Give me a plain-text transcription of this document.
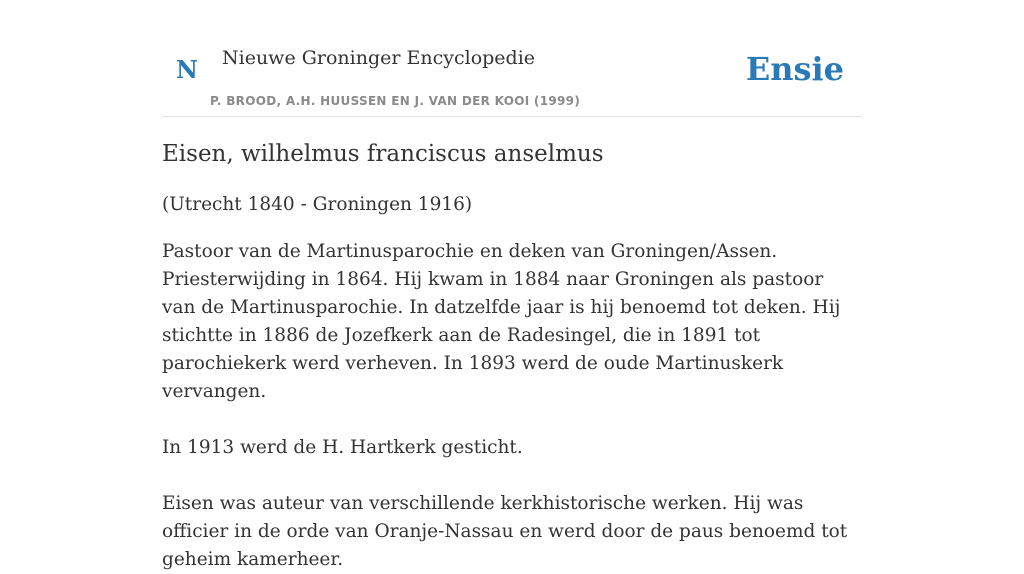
N Nieuwe Groninger Encyclopedie
P. BROOD, A.H. HUUSSEN EN J. VAN DER KOOI (1999)
Ensie
Eisen, wilhelmus franciscus anselmus

(Utrecht 1840 - Groningen 1916)

Pastoor van de Martinusparochie en deken van Groningen/Assen. Priesterwijding in 1864. Hij kwam in 1884 naar Groningen als pastoor van de Martinusparochie. In datzelfde jaar is hij benoemd tot deken. Hij stichtte in 1886 de Jozefkerk aan de Radesingel, die in 1891 tot parochiekerk werd verheven. In 1893 werd de oude Martinuskerk vervangen.

In 1913 werd de H. Hartkerk gesticht.

Eisen was auteur van verschillende kerkhistorische werken. Hij was officier in de orde van Oranje-Nassau en werd door de paus benoemd tot geheim kamerheer.
